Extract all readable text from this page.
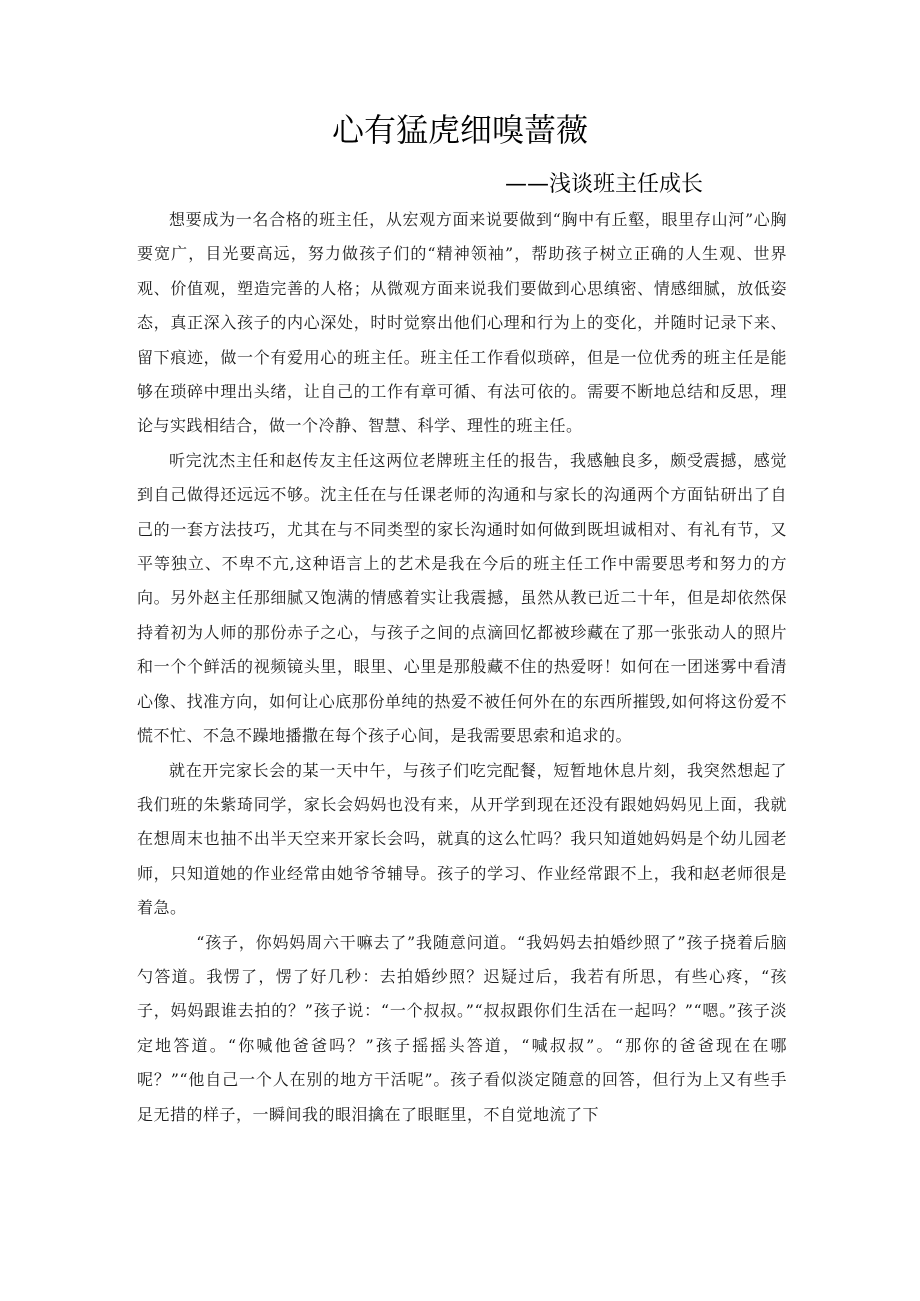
心有猛虎细嗅蔷薇
——浅谈班主任成长

想要成为一名合格的班主任，从宏观方面来说要做到“胸中有丘壑，眼里存山河”心胸要宽广，目光要高远，努力做孩子们的“精神领袖”，帮助孩子树立正确的人生观、世界观、价值观，塑造完善的人格；从微观方面来说我们要做到心思缜密、情感细腻，放低姿态，真正深入孩子的内心深处，时时觉察出他们心理和行为上的变化，并随时记录下来、留下痕迹，做一个有爱用心的班主任。班主任工作看似琐碎，但是一位优秀的班主任是能够在琐碎中理出头绪，让自己的工作有章可循、有法可依的。需要不断地总结和反思，理论与实践相结合，做一个冷静、智慧、科学、理性的班主任。

听完沈杰主任和赵传友主任这两位老牌班主任的报告，我感触良多，颇受震撼，感觉到自己做得还远远不够。沈主任在与任课老师的沟通和与家长的沟通两个方面钻研出了自己的一套方法技巧，尤其在与不同类型的家长沟通时如何做到既坦诚相对、有礼有节，又平等独立、不卑不亢,这种语言上的艺术是我在今后的班主任工作中需要思考和努力的方向。另外赵主任那细腻又饱满的情感着实让我震撼，虽然从教已近二十年，但是却依然保持着初为人师的那份赤子之心，与孩子之间的点滴回忆都被珍藏在了那一张张动人的照片和一个个鲜活的视频镜头里，眼里、心里是那般藏不住的热爱呀！如何在一团迷雾中看清心像、找准方向，如何让心底那份单纯的热爱不被任何外在的东西所摧毁,如何将这份爱不慌不忙、不急不躁地播撒在每个孩子心间，是我需要思索和追求的。

就在开完家长会的某一天中午，与孩子们吃完配餐，短暂地休息片刻，我突然想起了我们班的朱紫琦同学，家长会妈妈也没有来，从开学到现在还没有跟她妈妈见上面，我就在想周末也抽不出半天空来开家长会吗，就真的这么忙吗？我只知道她妈妈是个幼儿园老师，只知道她的作业经常由她爷爷辅导。孩子的学习、作业经常跟不上，我和赵老师很是着急。

“孩子，你妈妈周六干嘛去了”我随意问道。“我妈妈去拍婚纱照了”孩子挠着后脑勺答道。我愣了，愣了好几秒：去拍婚纱照？迟疑过后，我若有所思，有些心疼，“孩子，妈妈跟谁去拍的？”孩子说：“一个叔叔。”“叔叔跟你们生活在一起吗？”“嗯。”孩子淡定地答道。“你喊他爸爸吗？”孩子摇摇头答道，“喊叔叔”。“那你的爸爸现在在哪呢？”“他自己一个人在别的地方干活呢”。孩子看似淡定随意的回答，但行为上又有些手足无措的样子，一瞬间我的眼泪擒在了眼眶里，不自觉地流了下
